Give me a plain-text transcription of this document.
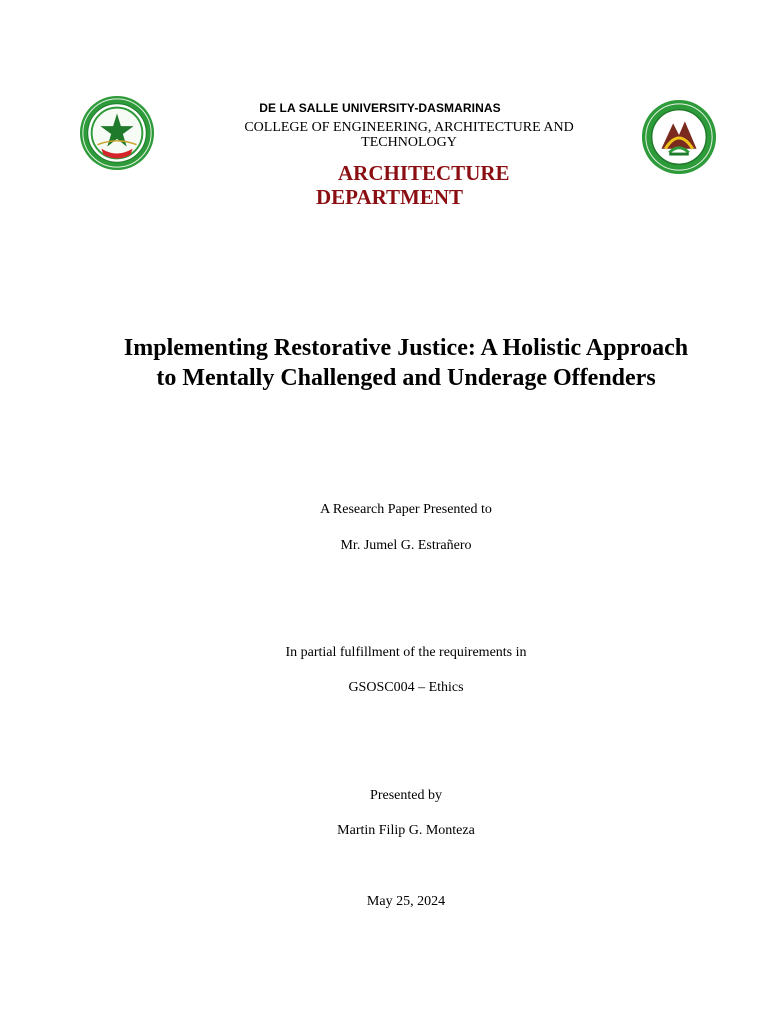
DE LA SALLE UNIVERSITY-DASMARINAS
COLLEGE OF ENGINEERING, ARCHITECTURE AND TECHNOLOGY
ARCHITECTURE
DEPARTMENT
Implementing Restorative Justice: A Holistic Approach to Mentally Challenged and Underage Offenders
A Research Paper Presented to
Mr. Jumel G. Estrañero
In partial fulfillment of the requirements in
GSOSC004 – Ethics
Presented by
Martin Filip G. Monteza
May 25, 2024
